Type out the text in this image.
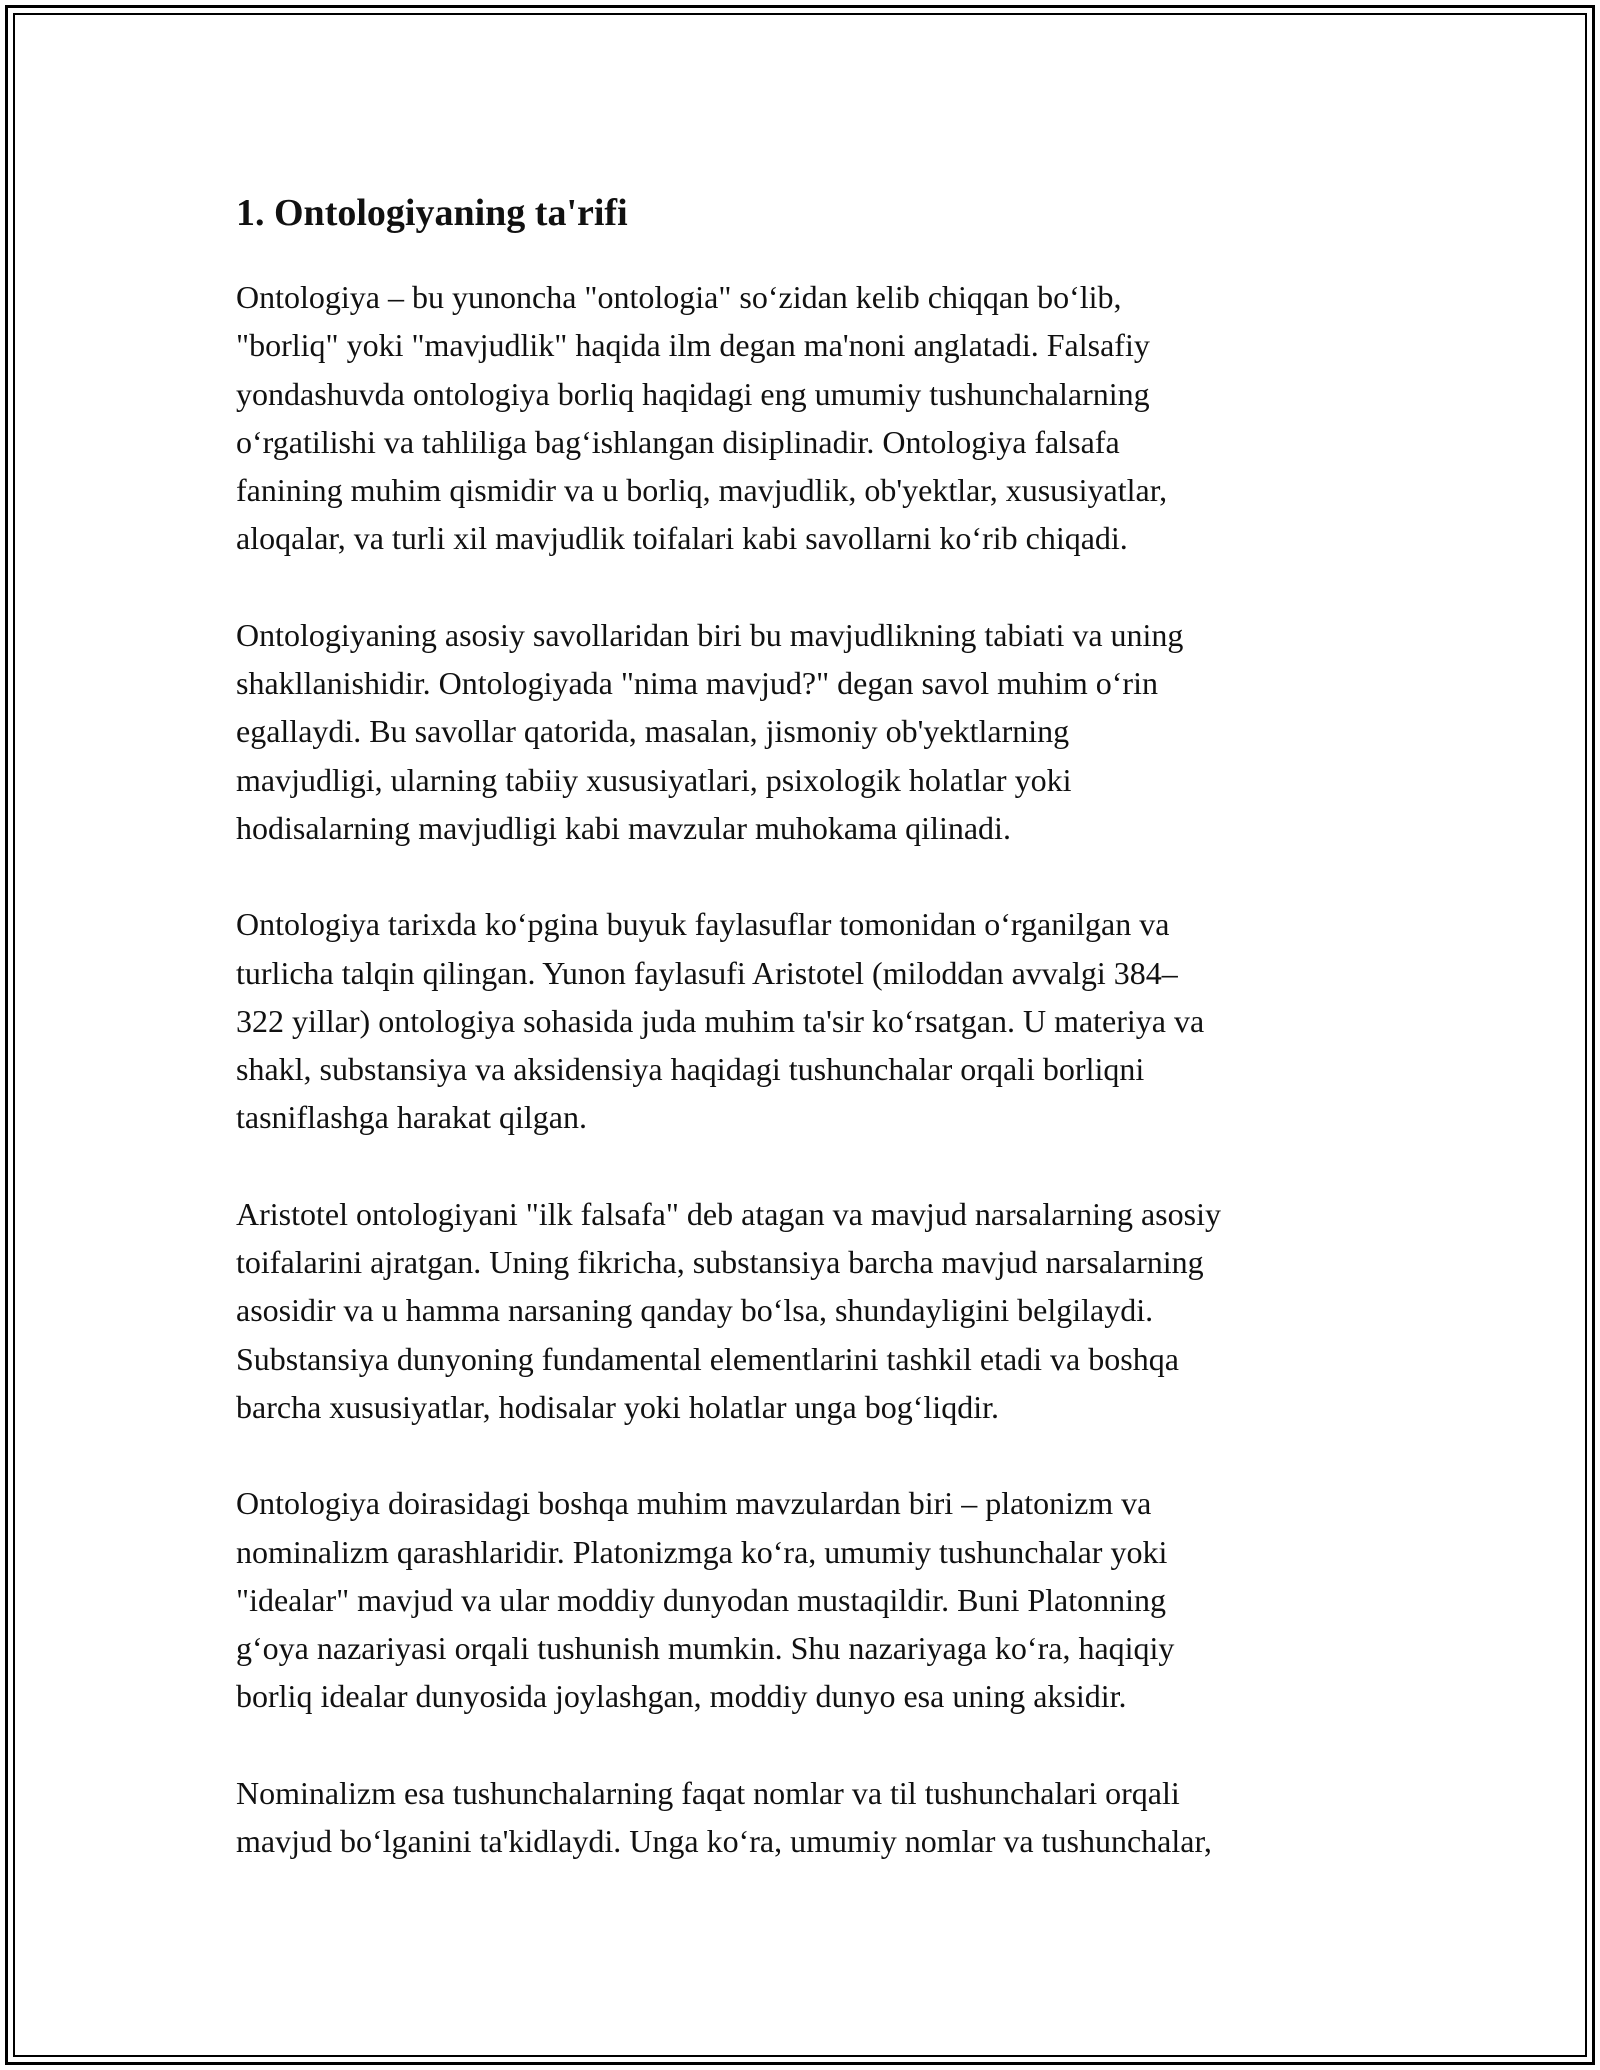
1. Ontologiyaning ta'rifi

Ontologiya – bu yunoncha "ontologia" so‘zidan kelib chiqqan bo‘lib,
"borliq" yoki "mavjudlik" haqida ilm degan ma'noni anglatadi. Falsafiy
yondashuvda ontologiya borliq haqidagi eng umumiy tushunchalarning
o‘rgatilishi va tahliliga bag‘ishlangan disiplinadir. Ontologiya falsafa
fanining muhim qismidir va u borliq, mavjudlik, ob'yektlar, xususiyatlar,
aloqalar, va turli xil mavjudlik toifalari kabi savollarni ko‘rib chiqadi.

Ontologiyaning asosiy savollaridan biri bu mavjudlikning tabiati va uning
shakllanishidir. Ontologiyada "nima mavjud?" degan savol muhim o‘rin
egallaydi. Bu savollar qatorida, masalan, jismoniy ob'yektlarning
mavjudligi, ularning tabiiy xususiyatlari, psixologik holatlar yoki
hodisalarning mavjudligi kabi mavzular muhokama qilinadi.

Ontologiya tarixda ko‘pgina buyuk faylasuflar tomonidan o‘rganilgan va
turlicha talqin qilingan. Yunon faylasufi Aristotel (miloddan avvalgi 384–
322 yillar) ontologiya sohasida juda muhim ta'sir ko‘rsatgan. U materiya va
shakl, substansiya va aksidensiya haqidagi tushunchalar orqali borliqni
tasniflashga harakat qilgan.

Aristotel ontologiyani "ilk falsafa" deb atagan va mavjud narsalarning asosiy
toifalarini ajratgan. Uning fikricha, substansiya barcha mavjud narsalarning
asosidir va u hamma narsaning qanday bo‘lsa, shundayligini belgilaydi.
Substansiya dunyoning fundamental elementlarini tashkil etadi va boshqa
barcha xususiyatlar, hodisalar yoki holatlar unga bog‘liqdir.

Ontologiya doirasidagi boshqa muhim mavzulardan biri – platonizm va
nominalizm qarashlaridir. Platonizmga ko‘ra, umumiy tushunchalar yoki
"idealar" mavjud va ular moddiy dunyodan mustaqildir. Buni Platonning
g‘oya nazariyasi orqali tushunish mumkin. Shu nazariyaga ko‘ra, haqiqiy
borliq idealar dunyosida joylashgan, moddiy dunyo esa uning aksidir.

Nominalizm esa tushunchalarning faqat nomlar va til tushunchalari orqali
mavjud bo‘lganini ta'kidlaydi. Unga ko‘ra, umumiy nomlar va tushunchalar,
